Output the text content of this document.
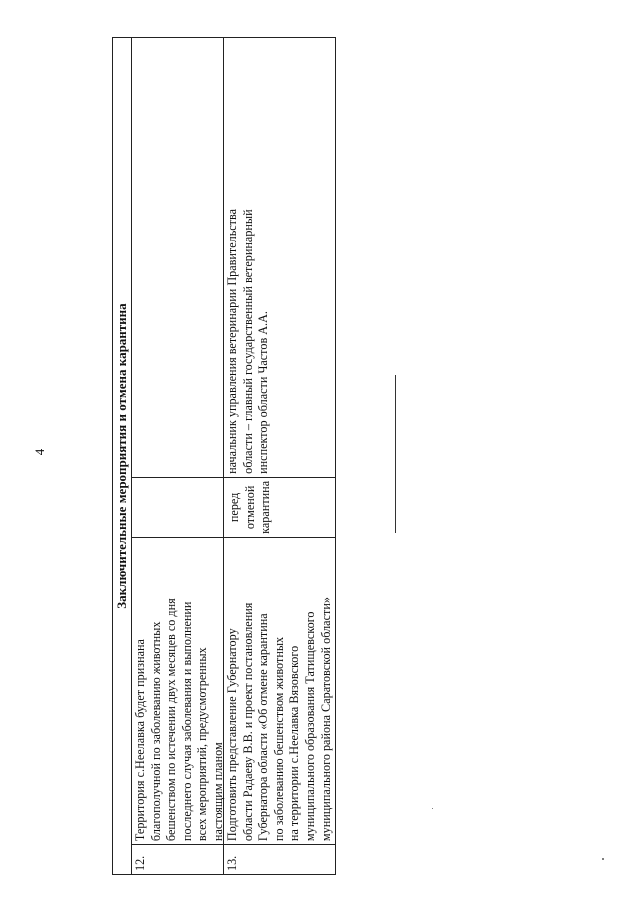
4	Заключительные мероприятия и отмена карантина
12.
Территория с.Неелавка будет признана благополучной по заболеванию животных бешенством по истечении двух месяцев со дня последнего случая заболевания и выполнении всех мероприятий, предусмотренных настоящим планом
13.
Подготовить представление Губернатору области Радаеву В.В. и проект постановления Губернатора области «Об отмене карантина по заболеванию бешенством животных на территории с.Неелавка Вязовского муниципального образования Татищевского муниципального района Саратовской области»
перед отменой карантина
начальник управления ветеринарии Правительства области – главный государственный ветеринарный инспектор области Частов А.А.
